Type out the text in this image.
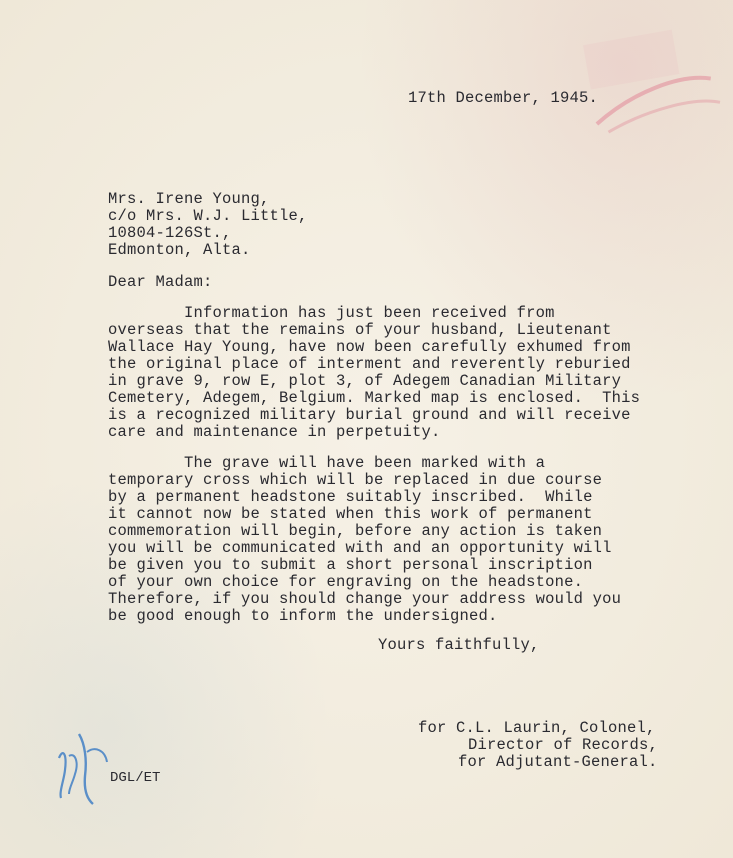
17th December, 1945.
Mrs. Irene Young,
c/o Mrs. W.J. Little,
10804-126St.,
Edmonton, Alta.
Dear Madam:
Information has just been received from
overseas that the remains of your husband, Lieutenant
Wallace Hay Young, have now been carefully exhumed from
the original place of interment and reverently reburied
in grave 9, row E, plot 3, of Adegem Canadian Military
Cemetery, Adegem, Belgium. Marked map is enclosed.  This
is a recognized military burial ground and will receive
care and maintenance in perpetuity.
The grave will have been marked with a
temporary cross which will be replaced in due course
by a permanent headstone suitably inscribed.  While
it cannot now be stated when this work of permanent
commemoration will begin, before any action is taken
you will be communicated with and an opportunity will
be given you to submit a short personal inscription
of your own choice for engraving on the headstone.
Therefore, if you should change your address would you
be good enough to inform the undersigned.
Yours faithfully,
for C.L. Laurin, Colonel,
Director of Records,
for Adjutant-General.
DGL/ET
